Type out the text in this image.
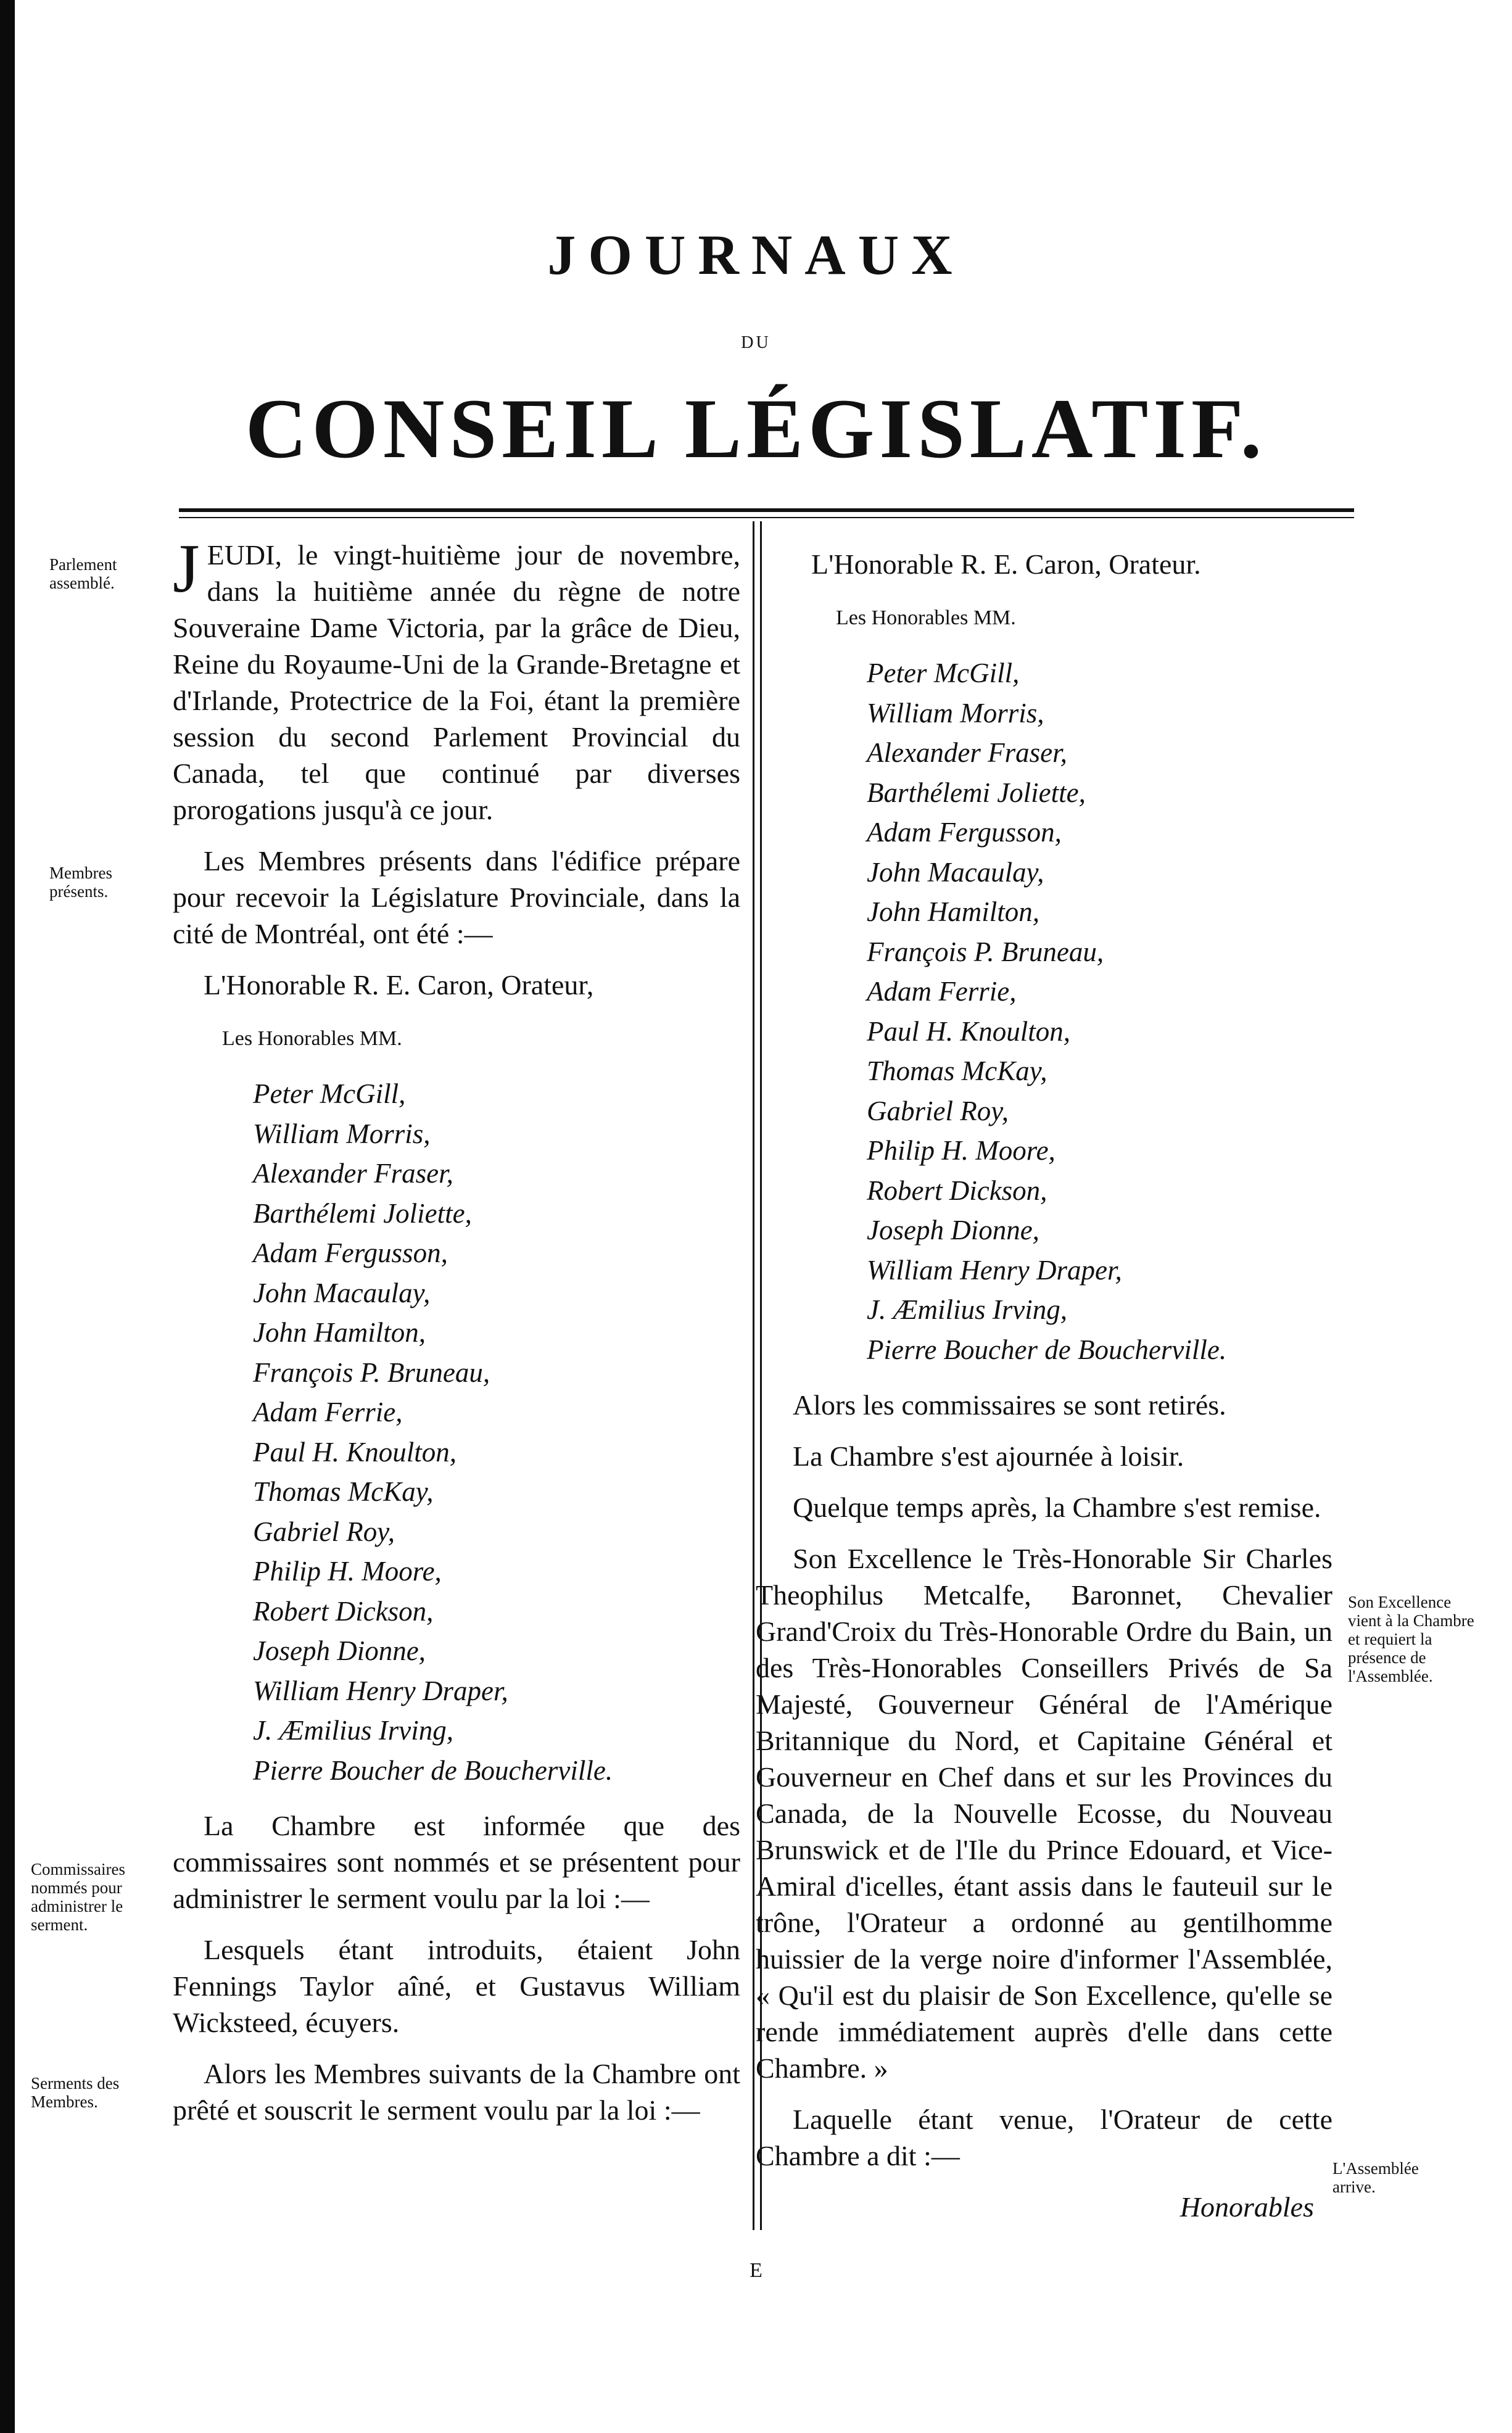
JOURNAUX
DU
CONSEIL LÉGISLATIF.
Parlement assemblé.
Membres présents.
Commissaires nommés pour administrer le serment.
Serments des Membres.
Son Excellence vient à la Chambre et requiert la présence de l'Assemblée.
L'Assemblée arrive.

JEUDI, le vingt-huitième jour de novembre, dans la huitième année du règne de notre Souveraine Dame Victoria, par la grâce de Dieu, Reine du Royaume-Uni de la Grande-Bretagne et d'Irlande, Protectrice de la Foi, étant la première session du second Parlement Provincial du Canada, tel que continué par diverses prorogations jusqu'à ce jour.

Les Membres présents dans l'édifice prépare pour recevoir la Législature Provinciale, dans la cité de Montréal, ont été :—

L'Honorable R. E. Caron, Orateur,

Les Honorables MM.

Peter McGill,
William Morris,
Alexander Fraser,
Barthélemi Joliette,
Adam Fergusson,
John Macaulay,
John Hamilton,
François P. Bruneau,
Adam Ferrie,
Paul H. Knoulton,
Thomas McKay,
Gabriel Roy,
Philip H. Moore,
Robert Dickson,
Joseph Dionne,
William Henry Draper,
J. Æmilius Irving,
Pierre Boucher de Boucherville.

La Chambre est informée que des commissaires sont nommés et se présentent pour administrer le serment voulu par la loi :—

Lesquels étant introduits, étaient John Fennings Taylor aîné, et Gustavus William Wicksteed, écuyers.

Alors les Membres suivants de la Chambre ont prêté et souscrit le serment voulu par la loi :—

L'Honorable R. E. Caron, Orateur.

Les Honorables MM.

Peter McGill,
William Morris,
Alexander Fraser,
Barthélemi Joliette,
Adam Fergusson,
John Macaulay,
John Hamilton,
François P. Bruneau,
Adam Ferrie,
Paul H. Knoulton,
Thomas McKay,
Gabriel Roy,
Philip H. Moore,
Robert Dickson,
Joseph Dionne,
William Henry Draper,
J. Æmilius Irving,
Pierre Boucher de Boucherville.

Alors les commissaires se sont retirés.

La Chambre s'est ajournée à loisir.

Quelque temps après, la Chambre s'est remise.

Son Excellence le Très-Honorable Sir Charles Theophilus Metcalfe, Baronnet, Chevalier Grand'Croix du Très-Honorable Ordre du Bain, un des Très-Honorables Conseillers Privés de Sa Majesté, Gouverneur Général de l'Amérique Britannique du Nord, et Capitaine Général et Gouverneur en Chef dans et sur les Provinces du Canada, de la Nouvelle Ecosse, du Nouveau Brunswick et de l'Ile du Prince Edouard, et Vice-Amiral d'icelles, étant assis dans le fauteuil sur le trône, l'Orateur a ordonné au gentilhomme huissier de la verge noire d'informer l'Assemblée, « Qu'il est du plaisir de Son Excellence, qu'elle se rende immédiatement auprès d'elle dans cette Chambre. »

Laquelle étant venue, l'Orateur de cette Chambre a dit :—

Honorables

E
